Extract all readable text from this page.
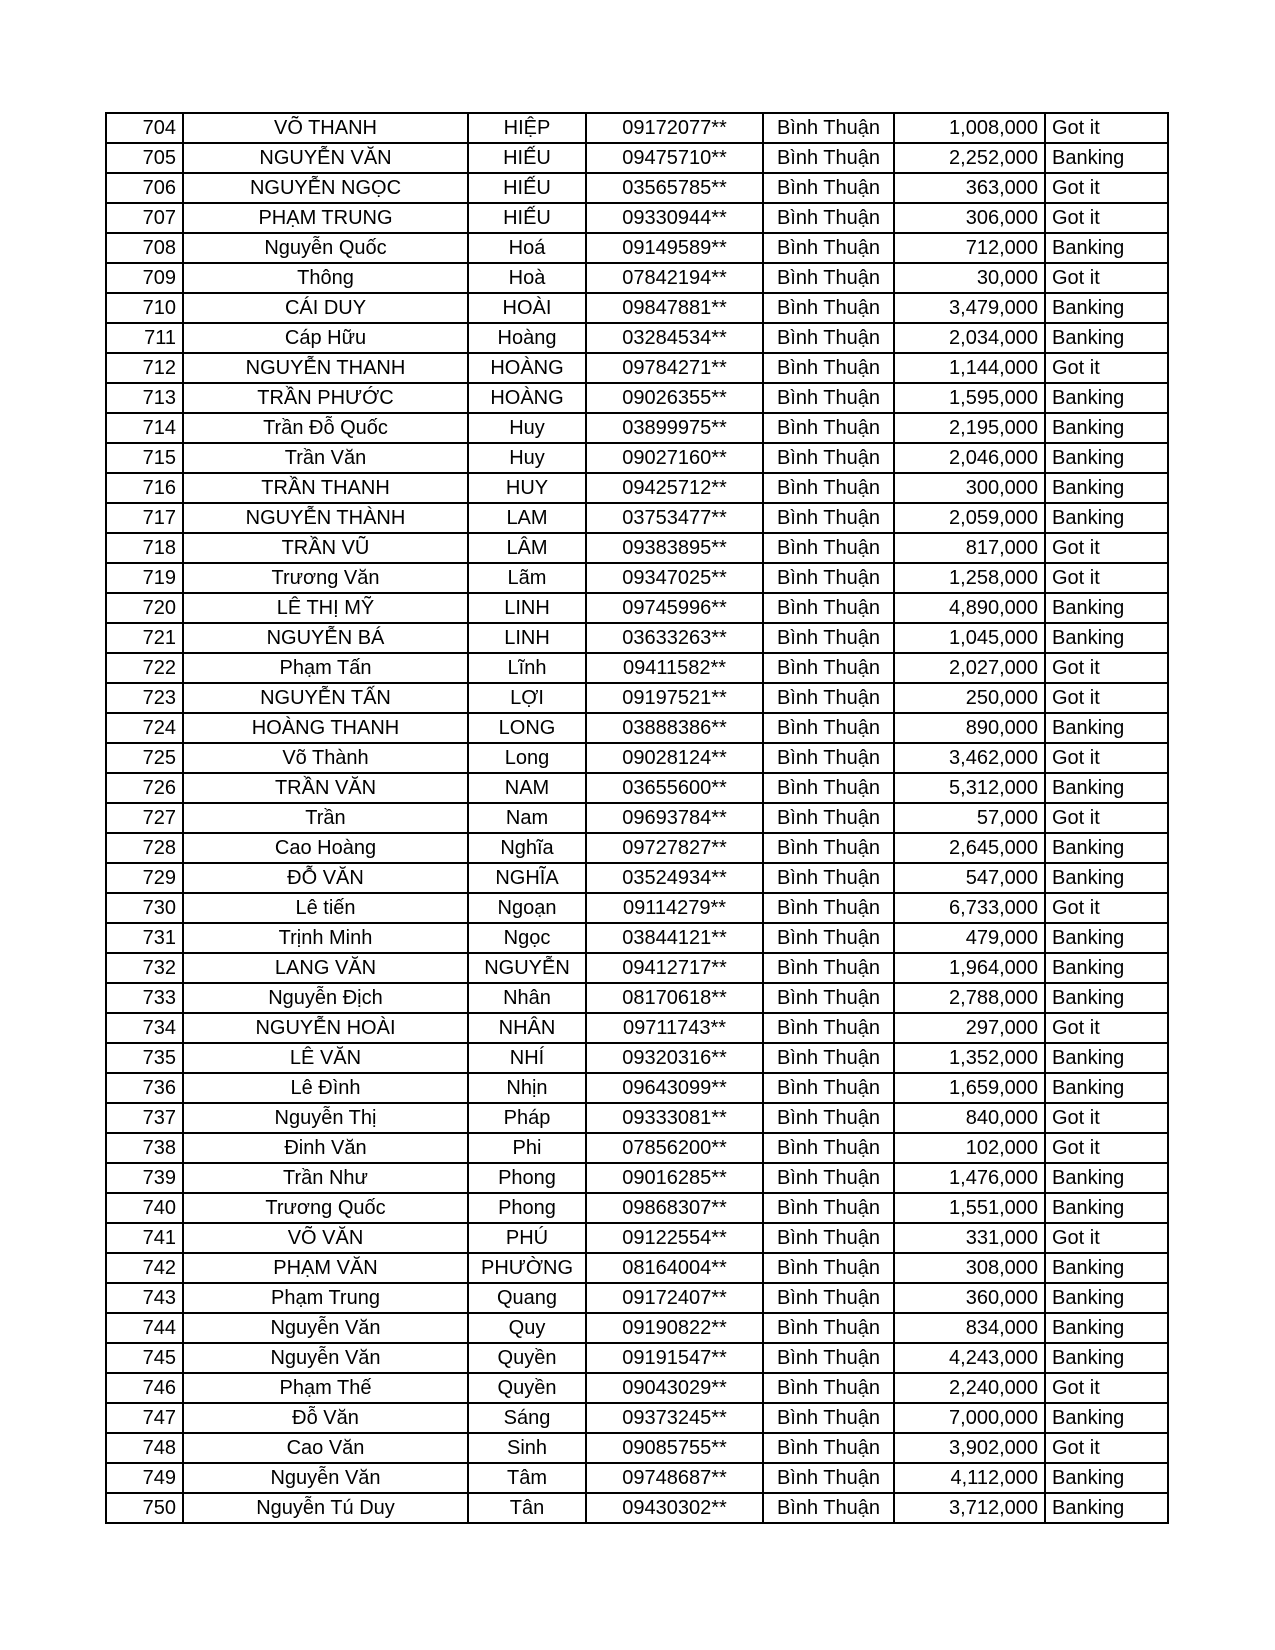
704	VÕ THANH	HIỆP	09172077**	Bình Thuận	1,008,000	Got it
705	NGUYỄN VĂN	HIẾU	09475710**	Bình Thuận	2,252,000	Banking
706	NGUYỄN NGỌC	HIẾU	03565785**	Bình Thuận	363,000	Got it
707	PHẠM TRUNG	HIẾU	09330944**	Bình Thuận	306,000	Got it
708	Nguyễn Quốc	Hoá	09149589**	Bình Thuận	712,000	Banking
709	Thông	Hoà	07842194**	Bình Thuận	30,000	Got it
710	CÁI DUY	HOÀI	09847881**	Bình Thuận	3,479,000	Banking
711	Cáp Hữu	Hoàng	03284534**	Bình Thuận	2,034,000	Banking
712	NGUYỄN THANH	HOÀNG	09784271**	Bình Thuận	1,144,000	Got it
713	TRẦN PHƯỚC	HOÀNG	09026355**	Bình Thuận	1,595,000	Banking
714	Trần Đỗ Quốc	Huy	03899975**	Bình Thuận	2,195,000	Banking
715	Trần Văn	Huy	09027160**	Bình Thuận	2,046,000	Banking
716	TRẦN THANH	HUY	09425712**	Bình Thuận	300,000	Banking
717	NGUYỄN THÀNH	LAM	03753477**	Bình Thuận	2,059,000	Banking
718	TRẦN VŨ	LÂM	09383895**	Bình Thuận	817,000	Got it
719	Trương Văn	Lãm	09347025**	Bình Thuận	1,258,000	Got it
720	LÊ THỊ MỸ	LINH	09745996**	Bình Thuận	4,890,000	Banking
721	NGUYỄN BÁ	LINH	03633263**	Bình Thuận	1,045,000	Banking
722	Phạm Tấn	Lĩnh	09411582**	Bình Thuận	2,027,000	Got it
723	NGUYỄN TẤN	LỢI	09197521**	Bình Thuận	250,000	Got it
724	HOÀNG THANH	LONG	03888386**	Bình Thuận	890,000	Banking
725	Võ Thành	Long	09028124**	Bình Thuận	3,462,000	Got it
726	TRẦN VĂN	NAM	03655600**	Bình Thuận	5,312,000	Banking
727	Trần	Nam	09693784**	Bình Thuận	57,000	Got it
728	Cao Hoàng	Nghĩa	09727827**	Bình Thuận	2,645,000	Banking
729	ĐỖ VĂN	NGHĨA	03524934**	Bình Thuận	547,000	Banking
730	Lê tiến	Ngoạn	09114279**	Bình Thuận	6,733,000	Got it
731	Trịnh Minh	Ngọc	03844121**	Bình Thuận	479,000	Banking
732	LANG VĂN	NGUYỄN	09412717**	Bình Thuận	1,964,000	Banking
733	Nguyễn Địch	Nhân	08170618**	Bình Thuận	2,788,000	Banking
734	NGUYỄN HOÀI	NHÂN	09711743**	Bình Thuận	297,000	Got it
735	LÊ VĂN	NHÍ	09320316**	Bình Thuận	1,352,000	Banking
736	Lê Đình	Nhịn	09643099**	Bình Thuận	1,659,000	Banking
737	Nguyễn Thị	Pháp	09333081**	Bình Thuận	840,000	Got it
738	Đinh Văn	Phi	07856200**	Bình Thuận	102,000	Got it
739	Trần Như	Phong	09016285**	Bình Thuận	1,476,000	Banking
740	Trương Quốc	Phong	09868307**	Bình Thuận	1,551,000	Banking
741	VÕ VĂN	PHÚ	09122554**	Bình Thuận	331,000	Got it
742	PHẠM VĂN	PHƯỜNG	08164004**	Bình Thuận	308,000	Banking
743	Phạm Trung	Quang	09172407**	Bình Thuận	360,000	Banking
744	Nguyễn Văn	Quy	09190822**	Bình Thuận	834,000	Banking
745	Nguyễn Văn	Quyền	09191547**	Bình Thuận	4,243,000	Banking
746	Phạm Thế	Quyền	09043029**	Bình Thuận	2,240,000	Got it
747	Đỗ Văn	Sáng	09373245**	Bình Thuận	7,000,000	Banking
748	Cao Văn	Sinh	09085755**	Bình Thuận	3,902,000	Got it
749	Nguyễn Văn	Tâm	09748687**	Bình Thuận	4,112,000	Banking
750	Nguyễn Tú Duy	Tân	09430302**	Bình Thuận	3,712,000	Banking
